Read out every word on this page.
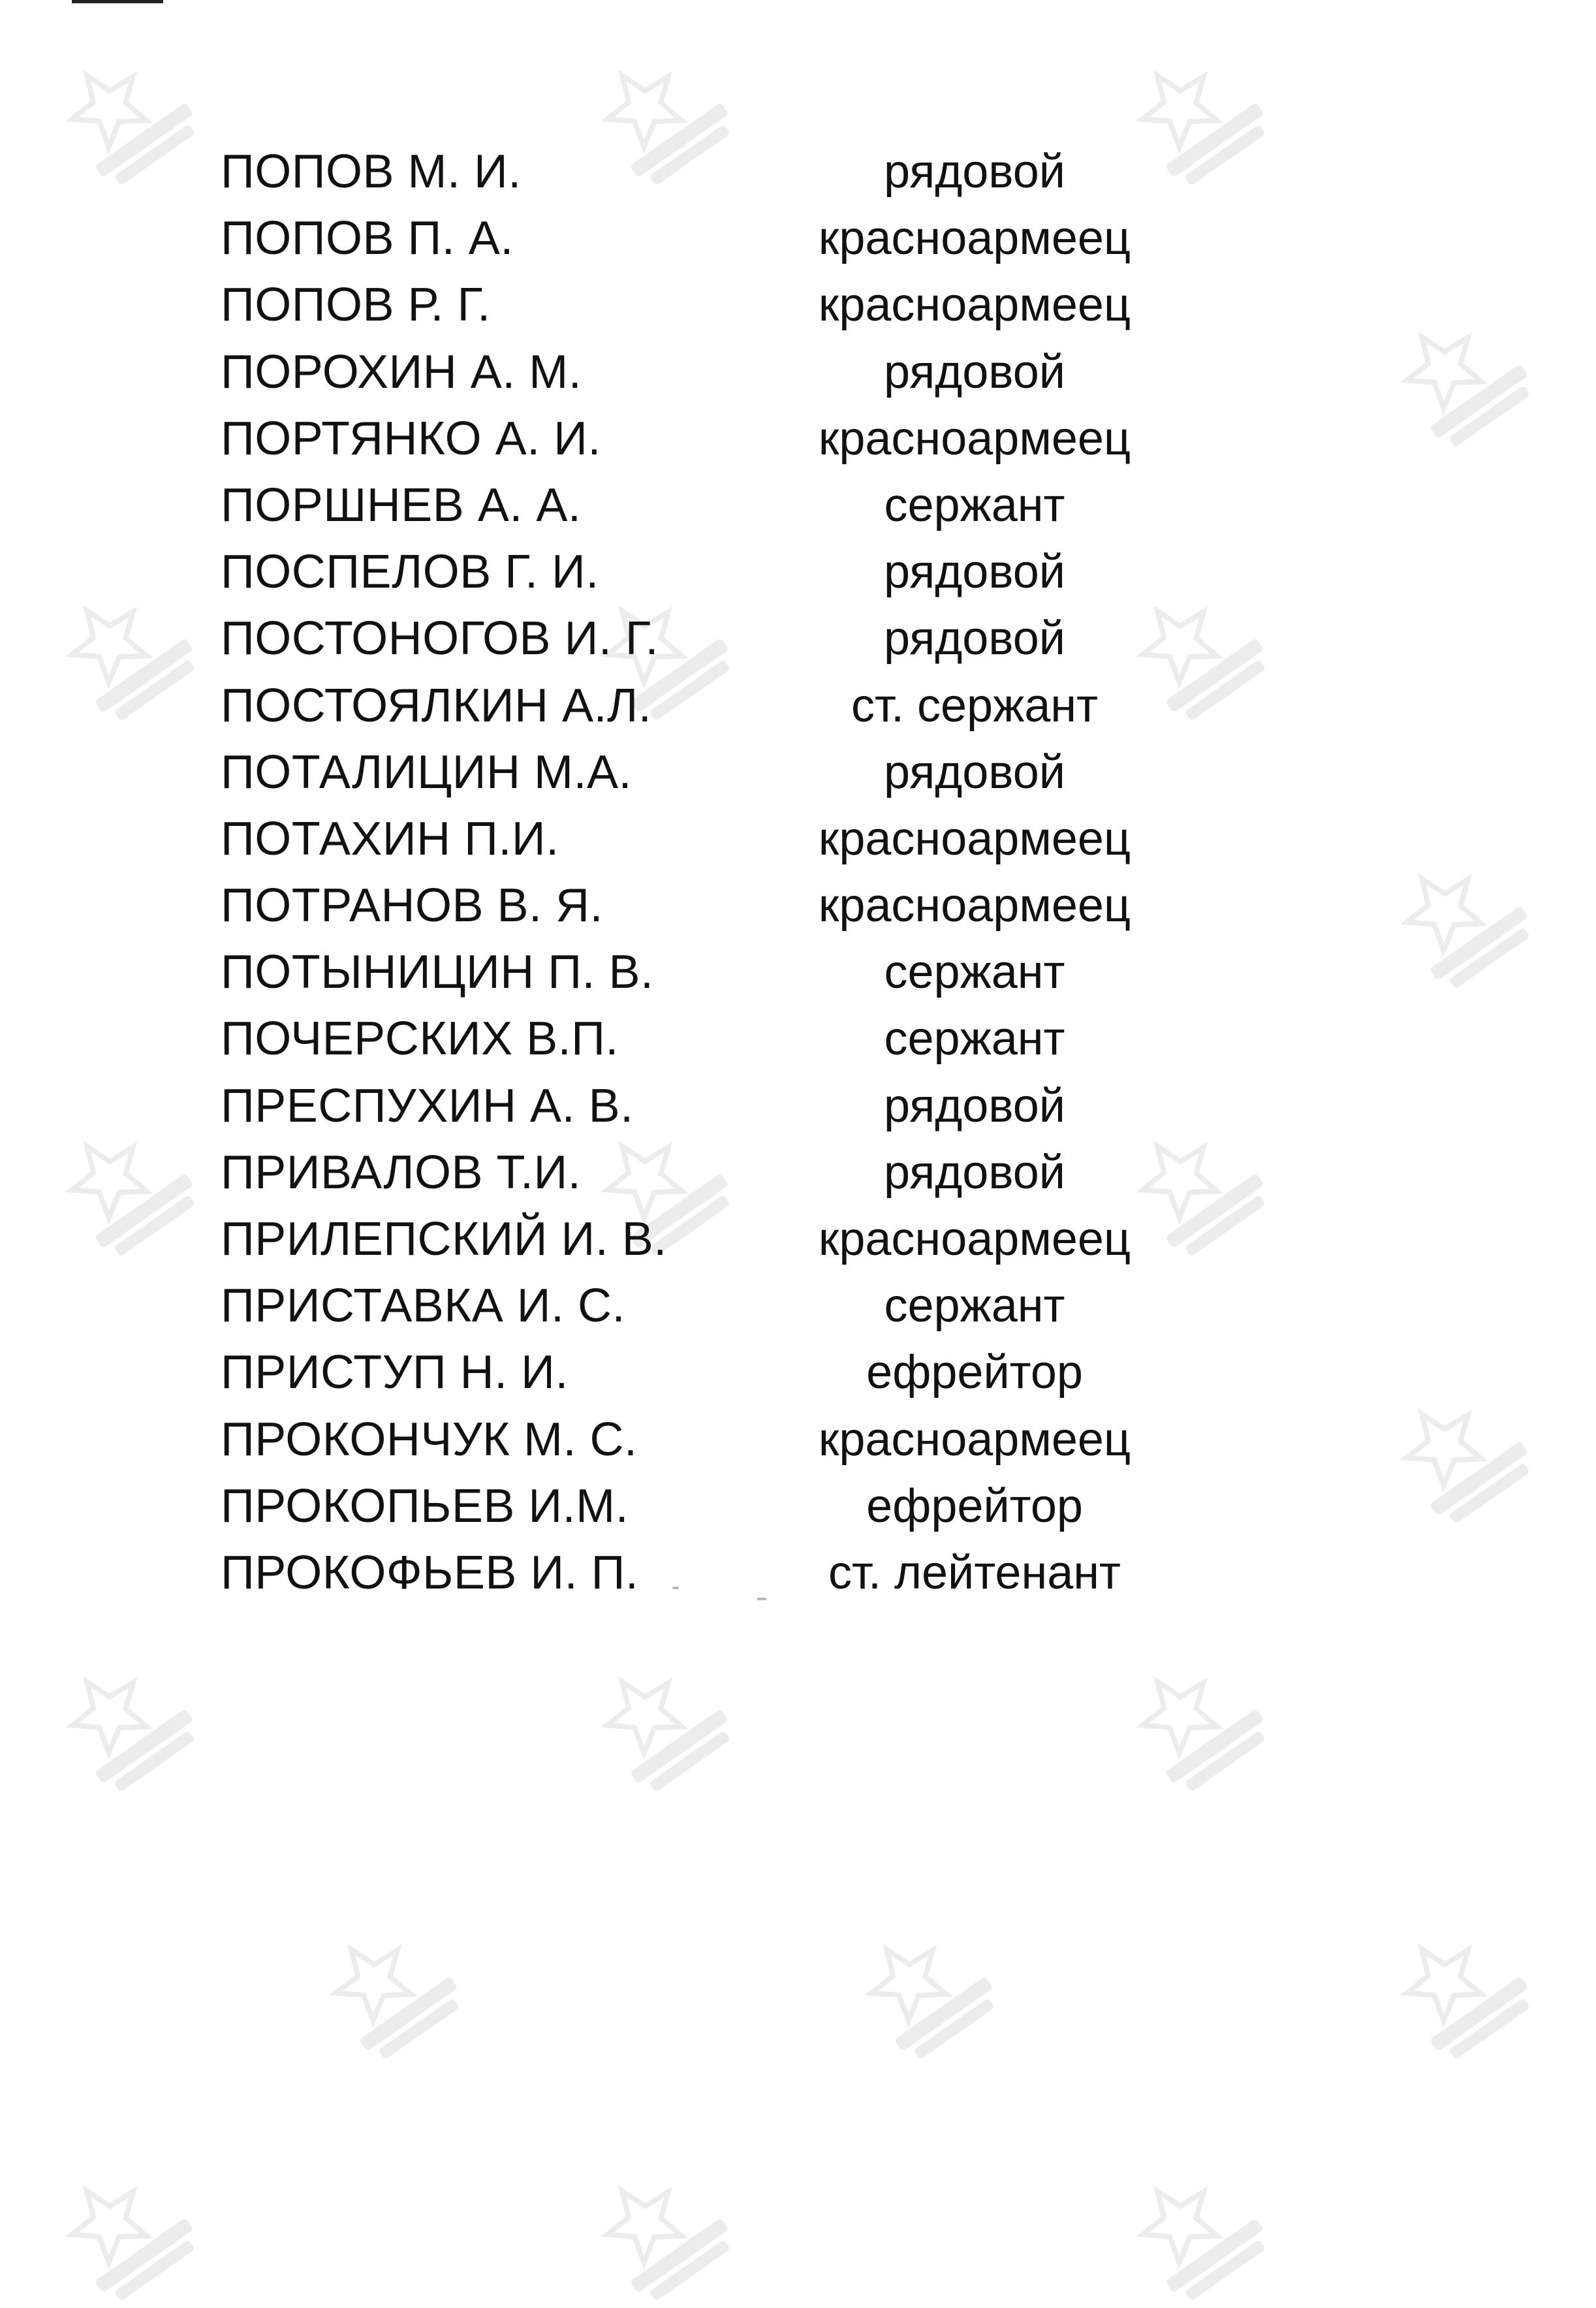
ПОПОВ М. И.	рядовой
ПОПОВ П. А.	красноармеец
ПОПОВ Р. Г.	красноармеец
ПОРОХИН А. М.	рядовой
ПОРТЯНКО А. И.	красноармеец
ПОРШНЕВ А. А.	сержант
ПОСПЕЛОВ Г. И.	рядовой
ПОСТОНОГОВ И. Г.	рядовой
ПОСТОЯЛКИН А.Л.	ст. сержант
ПОТАЛИЦИН М.А.	рядовой
ПОТАХИН П.И.	красноармеец
ПОТРАНОВ В. Я.	красноармеец
ПОТЫНИЦИН П. В.	сержант
ПОЧЕРСКИХ В.П.	сержант
ПРЕСПУХИН А. В.	рядовой
ПРИВАЛОВ Т.И.	рядовой
ПРИЛЕПСКИЙ И. В.	красноармеец
ПРИСТАВКА И. С.	сержант
ПРИСТУП Н. И.	ефрейтор
ПРОКОНЧУК М. С.	красноармеец
ПРОКОПЬЕВ И.М.	ефрейтор
ПРОКОФЬЕВ И. П.	ст. лейтенант
